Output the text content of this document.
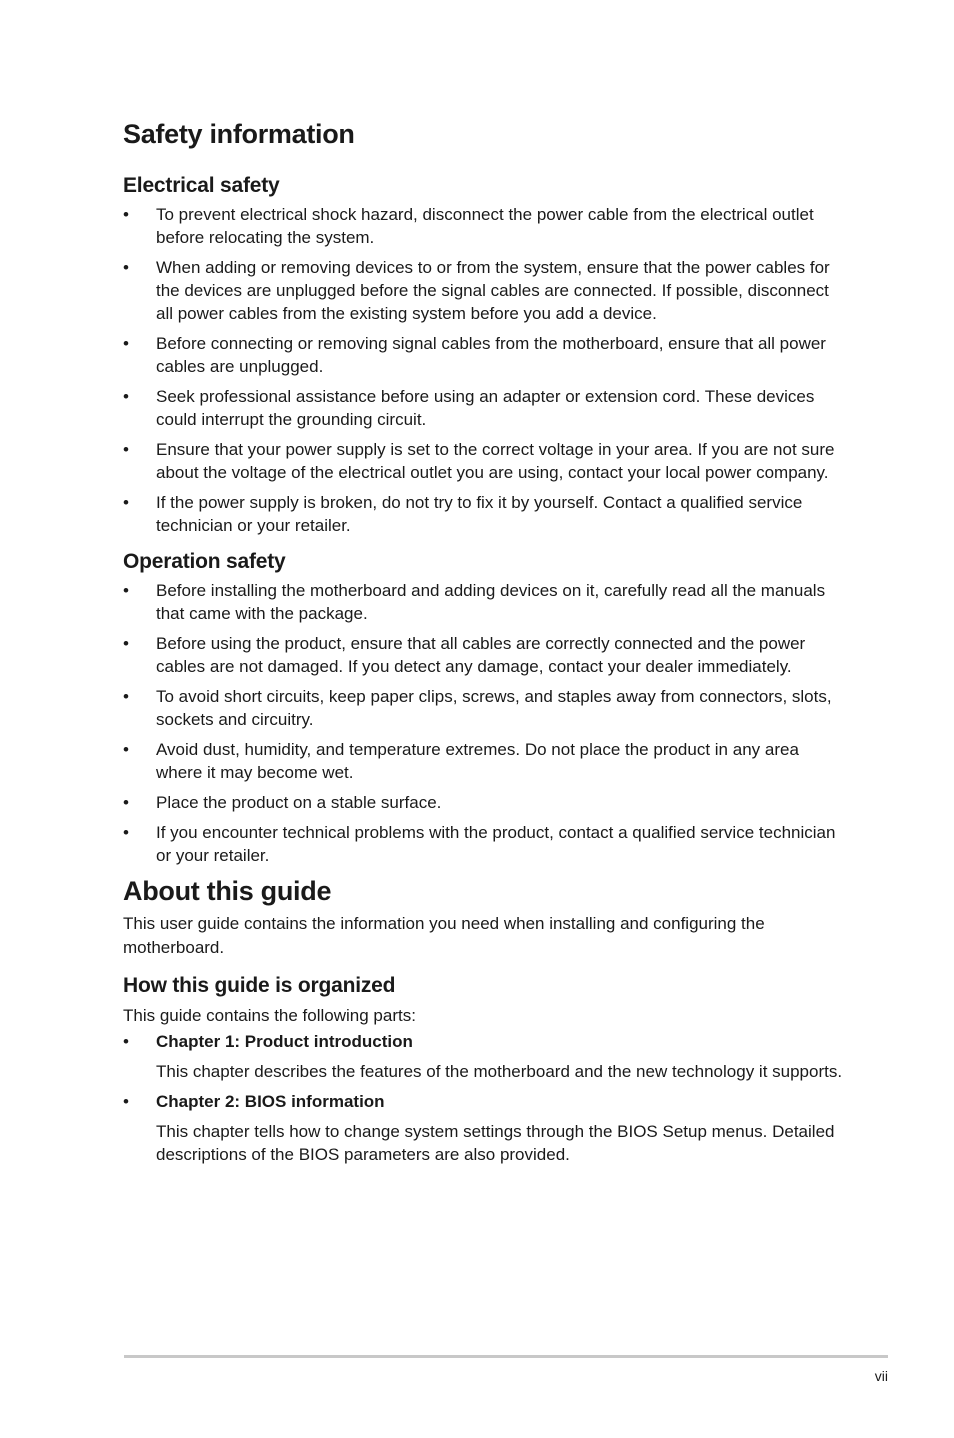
Safety information
Electrical safety
• To prevent electrical shock hazard, disconnect the power cable from the electrical outlet before relocating the system.
• When adding or removing devices to or from the system, ensure that the power cables for the devices are unplugged before the signal cables are connected. If possible, disconnect all power cables from the existing system before you add a device.
• Before connecting or removing signal cables from the motherboard, ensure that all power cables are unplugged.
• Seek professional assistance before using an adapter or extension cord. These devices could interrupt the grounding circuit.
• Ensure that your power supply is set to the correct voltage in your area. If you are not sure about the voltage of the electrical outlet you are using, contact your local power company.
• If the power supply is broken, do not try to fix it by yourself. Contact a qualified service technician or your retailer.
Operation safety
• Before installing the motherboard and adding devices on it, carefully read all the manuals that came with the package.
• Before using the product, ensure that all cables are correctly connected and the power cables are not damaged. If you detect any damage, contact your dealer immediately.
• To avoid short circuits, keep paper clips, screws, and staples away from connectors, slots, sockets and circuitry.
• Avoid dust, humidity, and temperature extremes. Do not place the product in any area where it may become wet.
• Place the product on a stable surface.
• If you encounter technical problems with the product, contact a qualified service technician or your retailer.
About this guide

This user guide contains the information you need when installing and configuring the motherboard.

How this guide is organized

This guide contains the following parts:

• Chapter 1: Product introduction
This chapter describes the features of the motherboard and the new technology it supports.
• Chapter 2: BIOS information
This chapter tells how to change system settings through the BIOS Setup menus. Detailed descriptions of the BIOS parameters are also provided.
vii
